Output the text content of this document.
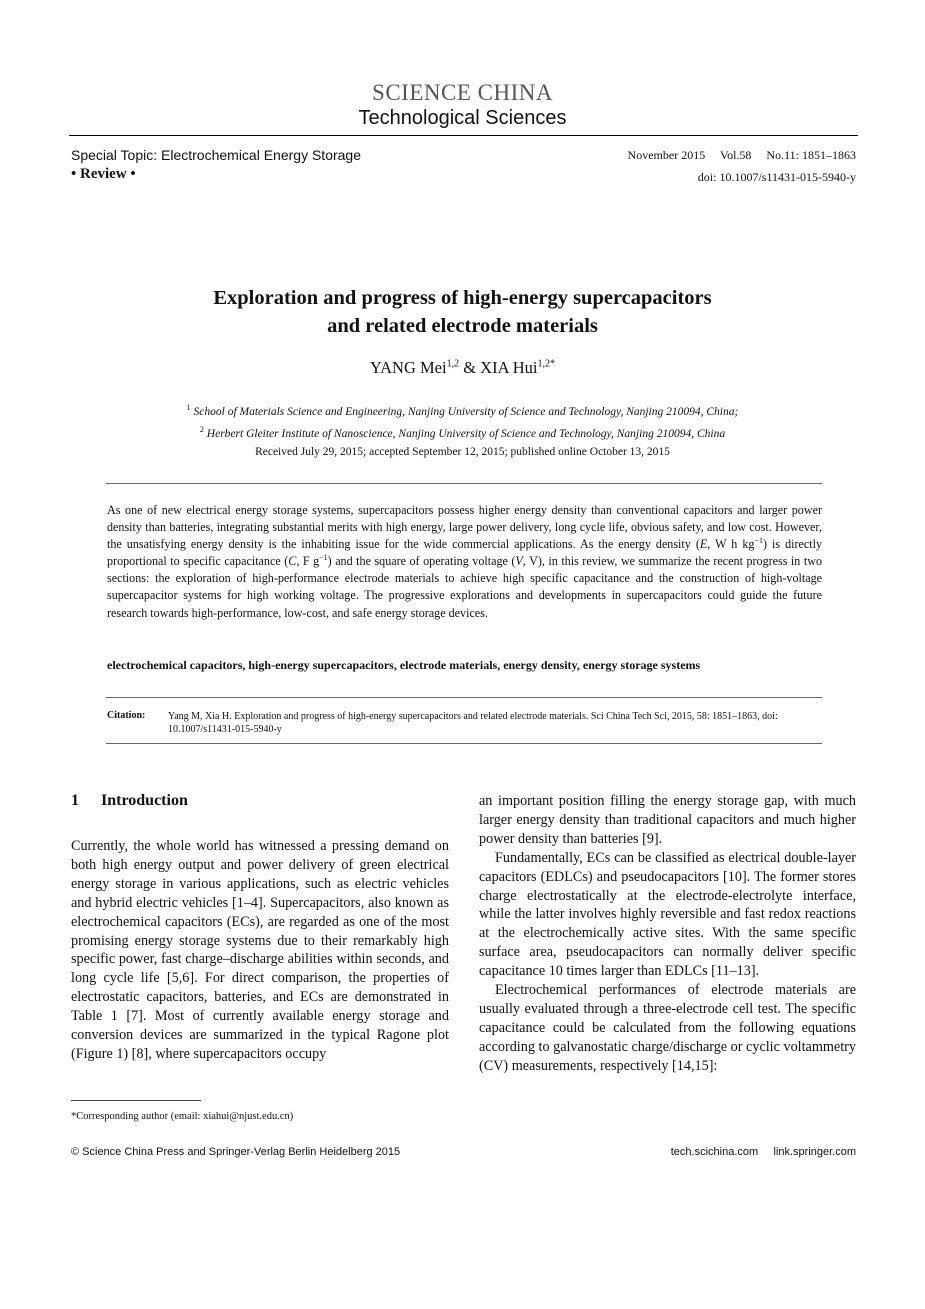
SCIENCE CHINA
Technological Sciences
Special Topic: Electrochemical Energy Storage
• Review •
November 2015     Vol.58     No.11: 1851–1863
doi: 10.1007/s11431-015-5940-y
Exploration and progress of high-energy supercapacitors
and related electrode materials
YANG Mei$^{1,2}$ & XIA Hui$^{1,2*}$
$^1$ School of Materials Science and Engineering, Nanjing University of Science and Technology, Nanjing 210094, China;
$^2$ Herbert Gleiter Institute of Nanoscience, Nanjing University of Science and Technology, Nanjing 210094, China
Received July 29, 2015; accepted September 12, 2015; published online October 13, 2015
As one of new electrical energy storage systems, supercapacitors possess higher energy density than conventional capacitors and larger power density than batteries, integrating substantial merits with high energy, large power delivery, long cycle life, obvious safety, and low cost. However, the unsatisfying energy density is the inhabiting issue for the wide commercial applications. As the energy density (E, W h $kg^{-1}$) is directly proportional to specific capacitance (C, F $g^{-1}$) and the square of operating voltage (V, V), in this review, we summarize the recent progress in two sections: the exploration of high-performance electrode materials to achieve high specific capacitance and the construction of high-voltage supercapacitor systems for high working voltage. The progressive explorations and developments in supercapacitors could guide the future research towards high-performance, low-cost, and safe energy storage devices.
electrochemical capacitors, high-energy supercapacitors, electrode materials, energy density, energy storage systems
Citation: Yang M, Xia H. Exploration and progress of high-energy supercapacitors and related electrode materials. Sci China Tech Sci, 2015, 58: 1851–1863, doi: 10.1007/s11431-015-5940-y
1 Introduction

Currently, the whole world has witnessed a pressing demand on both high energy output and power delivery of green electrical energy storage in various applications, such as electric vehicles and hybrid electric vehicles [1–4]. Supercapacitors, also known as electrochemical capacitors (ECs), are regarded as one of the most promising energy storage systems due to their remarkably high specific power, fast charge–discharge abilities within seconds, and long cycle life [5,6]. For direct comparison, the properties of electrostatic capacitors, batteries, and ECs are demonstrated in Table 1 [7]. Most of currently available energy storage and conversion devices are summarized in the typical Ragone plot (Figure 1) [8], where supercapacitors occupy

an important position filling the energy storage gap, with much larger energy density than traditional capacitors and much higher power density than batteries [9].

Fundamentally, ECs can be classified as electrical double-layer capacitors (EDLCs) and pseudocapacitors [10]. The former stores charge electrostatically at the electrode-electrolyte interface, while the latter involves highly reversible and fast redox reactions at the electrochemically active sites. With the same specific surface area, pseudocapacitors can normally deliver specific capacitance 10 times larger than EDLCs [11–13].

Electrochemical performances of electrode materials are usually evaluated through a three-electrode cell test. The specific capacitance could be calculated from the following equations according to galvanostatic charge/discharge or cyclic voltammetry (CV) measurements, respectively [14,15]:

*Corresponding author (email: xiahui@njust.edu.cn)
© Science China Press and Springer-Verlag Berlin Heidelberg 2015	tech.scichina.com     link.springer.com
